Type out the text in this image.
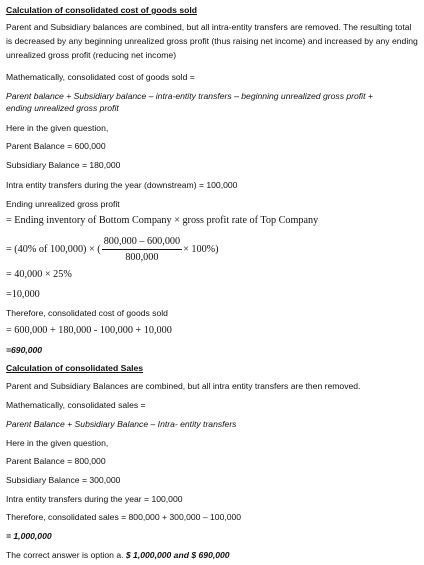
Calculation of consolidated cost of goods sold
Parent and Subsidiary balances are combined, but all intra-entity transfers are removed. The resulting total is decreased by any beginning unrealized gross profit (thus raising net income) and increased by any ending unrealized gross profit (reducing net income)
Mathematically, consolidated cost of goods sold =
Parent balance + Subsidiary balance – intra-entity transfers – beginning unrealized gross profit +
ending unrealized gross profit
Here in the given question,
Parent Balance = 600,000
Subsidiary Balance = 180,000
Intra entity transfers during the year (downstream) = 100,000
Ending unrealized gross profit
= Ending inventory of Bottom Company × gross profit rate of Top Company
= (40% of 100,000) × ( $\frac{800,000 - 600,000}{800,000} \times 100\%$)
= 40,000 × 25%
=10,000
Therefore, consolidated cost of goods sold
= 600,000 + 180,000 - 100,000 + 10,000
=690,000
Calculation of consolidated Sales
Parent and Subsidiary Balances are combined, but all intra entity transfers are then removed.
Mathematically, consolidated sales =
Parent Balance + Subsidiary Balance – Intra- entity transfers
Here in the given question,
Parent Balance = 800,000
Subsidiary Balance = 300,000
Intra entity transfers during the year = 100,000
Therefore, consolidated sales = 800,000 + 300,000 – 100,000
= 1,000,000
The correct answer is option a. $ 1,000,000 and $ 690,000
